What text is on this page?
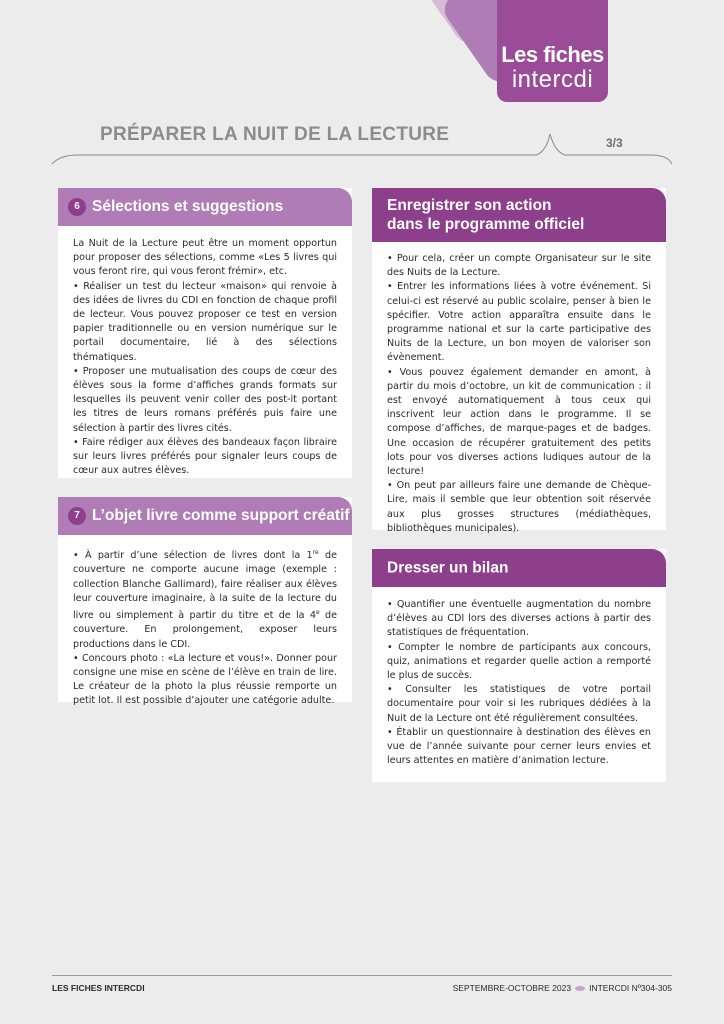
Les fiches
intercdi
PRÉPARER LA NUIT DE LA LECTURE	3/3
6 Sélections et suggestions

La Nuit de la Lecture peut être un moment opportun pour proposer des sélections, comme «Les 5 livres qui vous feront rire, qui vous feront frémir», etc.

• Réaliser un test du lecteur «maison» qui renvoie à des idées de livres du CDI en fonction de chaque profil de lecteur. Vous pouvez proposer ce test en version papier traditionnelle ou en version numérique sur le portail documentaire, lié à des sélections thématiques.

• Proposer une mutualisation des coups de cœur des élèves sous la forme d’affiches grands formats sur lesquelles ils peuvent venir coller des post-it portant les titres de leurs romans préférés puis faire une sélection à partir des livres cités.

• Faire rédiger aux élèves des bandeaux façon libraire sur leurs livres préférés pour signaler leurs coups de cœur aux autres élèves.

7 L’objet livre comme support créatif

• À partir d’une sélection de livres dont la 1re de couverture ne comporte aucune image (exemple : collection Blanche Gallimard), faire réaliser aux élèves leur couverture imaginaire, à la suite de la lecture du livre ou simplement à partir du titre et de la 4e de couverture. En prolongement, exposer leurs productions dans le CDI.

• Concours photo : «La lecture et vous!». Donner pour consigne une mise en scène de l’élève en train de lire. Le créateur de la photo la plus réussie remporte un petit lot. Il est possible d’ajouter une catégorie adulte.

Enregistrer son action
dans le programme officiel

• Pour cela, créer un compte Organisateur sur le site des Nuits de la Lecture.

• Entrer les informations liées à votre événement. Si celui-ci est réservé au public scolaire, penser à bien le spécifier. Votre action apparaîtra ensuite dans le programme national et sur la carte participative des Nuits de la Lecture, un bon moyen de valoriser son évènement.

• Vous pouvez également demander en amont, à partir du mois d’octobre, un kit de communication : il est envoyé automatiquement à tous ceux qui inscrivent leur action dans le programme. Il se compose d’affiches, de marque-pages et de badges. Une occasion de récupérer gratuitement des petits lots pour vos diverses actions ludiques autour de la lecture!

• On peut par ailleurs faire une demande de Chèque-Lire, mais il semble que leur obtention soit réservée aux plus grosses structures (médiathèques, bibliothèques municipales).

Dresser un bilan

• Quantifier une éventuelle augmentation du nombre d’élèves au CDI lors des diverses actions à partir des statistiques de fréquentation.

• Compter le nombre de participants aux concours, quiz, animations et regarder quelle action a remporté le plus de succès.

• Consulter les statistiques de votre portail documentaire pour voir si les rubriques dédiées à la Nuit de la Lecture ont été régulièrement consultées.

• Établir un questionnaire à destination des élèves en vue de l’année suivante pour cerner leurs envies et leurs attentes en matière d’animation lecture.

LES FICHES INTERCDI	SEPTEMBRE-OCTOBRE 2023 INTERCDI Nº304-305
